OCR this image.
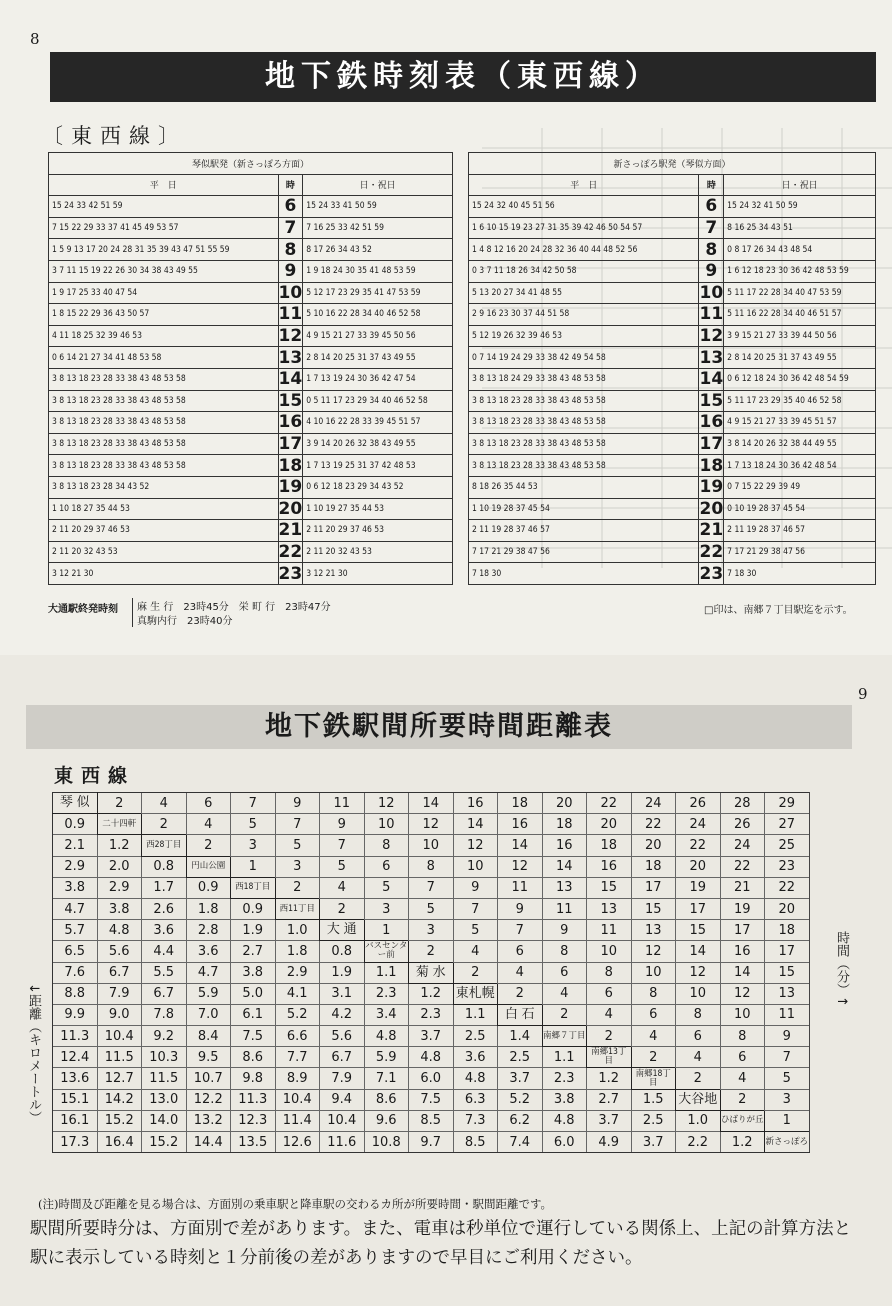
8
地下鉄時刻表（東西線）
〔東西線〕
琴似駅発（新さっぽろ方面）		
平　日	時	日・祝日
15 24 33 42 51 59	6	15 24 33 41 50 59
7 15 22 29 33 37 41 45 49 53 57	7	7 16 25 33 42 51 59
1 5 9 13 17 20 24 28 31 35 39 43 47 51 55 59	8	8 17 26 34 43 52
3 7 11 15 19 22 26 30 34 38 43 49 55	9	1 9 18 24 30 35 41 48 53 59
1 9 17 25 33 40 47 54	10	5 12 17 23 29 35 41 47 53 59
1 8 15 22 29 36 43 50 57	11	5 10 16 22 28 34 40 46 52 58
4 11 18 25 32 39 46 53	12	4 9 15 21 27 33 39 45 50 56
0 6 14 21 27 34 41 48 53 58	13	2 8 14 20 25 31 37 43 49 55
3 8 13 18 23 28 33 38 43 48 53 58	14	1 7 13 19 24 30 36 42 47 54
3 8 13 18 23 28 33 38 43 48 53 58	15	0 5 11 17 23 29 34 40 46 52 58
3 8 13 18 23 28 33 38 43 48 53 58	16	4 10 16 22 28 33 39 45 51 57
3 8 13 18 23 28 33 38 43 48 53 58	17	3 9 14 20 26 32 38 43 49 55
3 8 13 18 23 28 33 38 43 48 53 58	18	1 7 13 19 25 31 37 42 48 53
3 8 13 18 23 28 34 43 52	19	0 6 12 18 23 29 34 43 52
1 10 18 27 35 44 53	20	1 10 19 27 35 44 53
2 11 20 29 37 46 53	21	2 11 20 29 37 46 53
2 11 20 32 43 53	22	2 11 20 32 43 53
3 12 21 30	23	3 12 21 30
新さっぽろ駅発（琴似方面）		
平　日	時	日・祝日
15 24 32 40 45 51 56	6	15 24 32 41 50 59
1 6 10 15 19 23 27 31 35 39 42 46 50 54 57	7	8 16 25 34 43 51
1 4 8 12 16 20 24 28 32 36 40 44 48 52 56	8	0 8 17 26 34 43 48 54
0 3 7 11 18 26 34 42 50 58	9	1 6 12 18 23 30 36 42 48 53 59
5 13 20 27 34 41 48 55	10	5 11 17 22 28 34 40 47 53 59
2 9 16 23 30 37 44 51 58	11	5 11 16 22 28 34 40 46 51 57
5 12 19 26 32 39 46 53	12	3 9 15 21 27 33 39 44 50 56
0 7 14 19 24 29 33 38 42 49 54 58	13	2 8 14 20 25 31 37 43 49 55
3 8 13 18 24 29 33 38 43 48 53 58	14	0 6 12 18 24 30 36 42 48 54 59
3 8 13 18 23 28 33 38 43 48 53 58	15	5 11 17 23 29 35 40 46 52 58
3 8 13 18 23 28 33 38 43 48 53 58	16	4 9 15 21 27 33 39 45 51 57
3 8 13 18 23 28 33 38 43 48 53 58	17	3 8 14 20 26 32 38 44 49 55
3 8 13 18 23 28 33 38 43 48 53 58	18	1 7 13 18 24 30 36 42 48 54
8 18 26 35 44 53	19	0 7 15 22 29 39 49
1 10 19 28 37 45 54	20	0 10 19 28 37 45 54
2 11 19 28 37 46 57	21	2 11 19 28 37 46 57
7 17 21 29 38 47 56	22	7 17 21 29 38 47 56
7 18 30	23	7 18 30
大通駅終発時刻	麻 生 行　23時45分　栄 町 行　23時47分
真駒内行　23時40分
□印は、南郷７丁目駅迄を示す。
9
地下鉄駅間所要時間距離表
東西線
琴 似	2	4	6	7	9	11	12	14	16	18	20	22	24	26	28	29
0.9	二十四軒	2	4	5	7	9	10	12	14	16	18	20	22	24	26	27
2.1	1.2	西28丁目	2	3	5	7	8	10	12	14	16	18	20	22	24	25
2.9	2.0	0.8	円山公園	1	3	5	6	8	10	12	14	16	18	20	22	23
3.8	2.9	1.7	0.9	西18丁目	2	4	5	7	9	11	13	15	17	19	21	22
4.7	3.8	2.6	1.8	0.9	西11丁目	2	3	5	7	9	11	13	15	17	19	20
5.7	4.8	3.6	2.8	1.9	1.0	大 通	1	3	5	7	9	11	13	15	17	18
6.5	5.6	4.4	3.6	2.7	1.8	0.8	バスセンター前	2	4	6	8	10	12	14	16	17
7.6	6.7	5.5	4.7	3.8	2.9	1.9	1.1	菊 水	2	4	6	8	10	12	14	15
8.8	7.9	6.7	5.9	5.0	4.1	3.1	2.3	1.2	東札幌	2	4	6	8	10	12	13
9.9	9.0	7.8	7.0	6.1	5.2	4.2	3.4	2.3	1.1	白 石	2	4	6	8	10	11
11.3	10.4	9.2	8.4	7.5	6.6	5.6	4.8	3.7	2.5	1.4	南郷７丁目	2	4	6	8	9
12.4	11.5	10.3	9.5	8.6	7.7	6.7	5.9	4.8	3.6	2.5	1.1	南郷13丁目	2	4	6	7
13.6	12.7	11.5	10.7	9.8	8.9	7.9	7.1	6.0	4.8	3.7	2.3	1.2	南郷18丁目	2	4	5
15.1	14.2	13.0	12.2	11.3	10.4	9.4	8.6	7.5	6.3	5.2	3.8	2.7	1.5	大谷地	2	3
16.1	15.2	14.0	13.2	12.3	11.4	10.4	9.6	8.5	7.3	6.2	4.8	3.7	2.5	1.0	ひばりが丘	1
17.3	16.4	15.2	14.4	13.5	12.6	11.6	10.8	9.7	8.5	7.4	6.0	4.9	3.7	2.2	1.2	新さっぽろ
時間（分）↑
↓距離（キロメートル）
(注)時間及び距離を見る場合は、方面別の乗車駅と降車駅の交わるカ所が所要時間・駅間距離です。
駅間所要時分は、方面別で差があります。また、電車は秒単位で運行している関係上、上記の計算方法と駅に表示している時刻と１分前後の差がありますので早目にご利用ください。
